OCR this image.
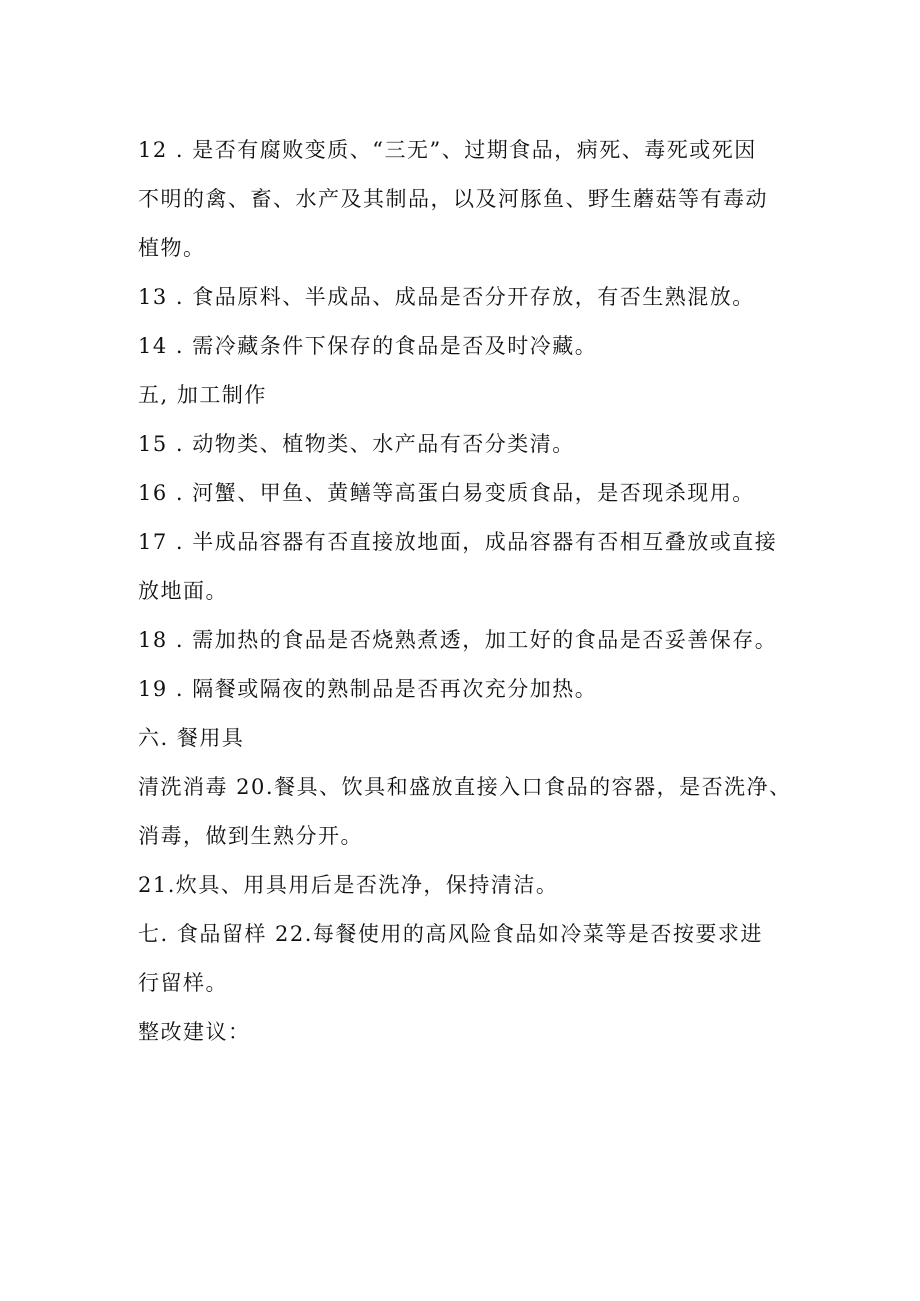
12 . 是否有腐败变质、“三无”、过期食品，病死、毒死或死因
不明的禽、畜、水产及其制品，以及河豚鱼、野生蘑菇等有毒动
植物。
13 . 食品原料、半成品、成品是否分开存放，有否生熟混放。
14 . 需冷藏条件下保存的食品是否及时冷藏。
五, 加工制作
15 . 动物类、植物类、水产品有否分类清。
16 . 河蟹、甲鱼、黄鳝等高蛋白易变质食品，是否现杀现用。
17 . 半成品容器有否直接放地面，成品容器有否相互叠放或直接
放地面。
18 . 需加热的食品是否烧熟煮透，加工好的食品是否妥善保存。
19 . 隔餐或隔夜的熟制品是否再次充分加热。
六. 餐用具
清洗消毒 20.餐具、饮具和盛放直接入口食品的容器，是否洗净、
消毒，做到生熟分开。
21.炊具、用具用后是否洗净，保持清洁。
七. 食品留样 22.每餐使用的高风险食品如冷菜等是否按要求进
行留样。
整改建议：
